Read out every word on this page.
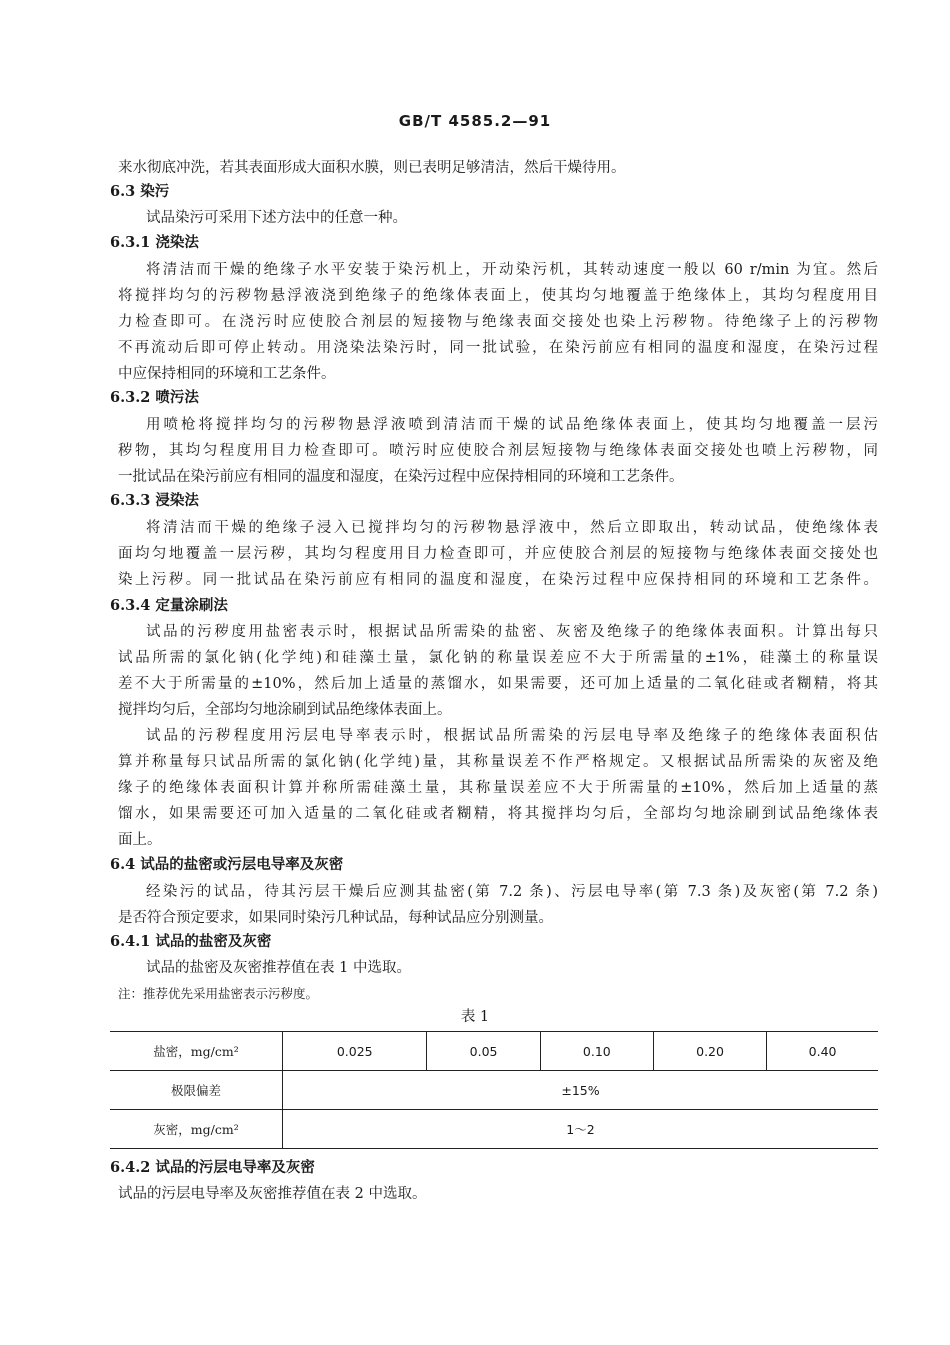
GB/T 4585.2—91
来水彻底冲洗，若其表面形成大面积水膜，则已表明足够清洁，然后干燥待用。
6.3 染污
试品染污可采用下述方法中的任意一种。
6.3.1 浇染法
将清洁而干燥的绝缘子水平安装于染污机上，开动染污机，其转动速度一般以 60 r/min 为宜。然后
将搅拌均匀的污秽物悬浮液浇到绝缘子的绝缘体表面上，使其均匀地覆盖于绝缘体上，其均匀程度用目
力检查即可。在浇污时应使胶合剂层的短接物与绝缘表面交接处也染上污秽物。待绝缘子上的污秽物
不再流动后即可停止转动。用浇染法染污时，同一批试验，在染污前应有相同的温度和湿度，在染污过程
中应保持相同的环境和工艺条件。
6.3.2 喷污法
用喷枪将搅拌均匀的污秽物悬浮液喷到清洁而干燥的试品绝缘体表面上，使其均匀地覆盖一层污
秽物，其均匀程度用目力检查即可。喷污时应使胶合剂层短接物与绝缘体表面交接处也喷上污秽物，同
一批试品在染污前应有相同的温度和湿度，在染污过程中应保持相同的环境和工艺条件。
6.3.3 浸染法
将清洁而干燥的绝缘子浸入已搅拌均匀的污秽物悬浮液中，然后立即取出，转动试品，使绝缘体表
面均匀地覆盖一层污秽，其均匀程度用目力检查即可，并应使胶合剂层的短接物与绝缘体表面交接处也
染上污秽。同一批试品在染污前应有相同的温度和湿度，在染污过程中应保持相同的环境和工艺条件。
6.3.4 定量涂刷法
试品的污秽度用盐密表示时，根据试品所需染的盐密、灰密及绝缘子的绝缘体表面积。计算出每只
试品所需的氯化钠(化学纯)和硅藻土量，氯化钠的称量误差应不大于所需量的±1%，硅藻土的称量误
差不大于所需量的±10%，然后加上适量的蒸馏水，如果需要，还可加上适量的二氧化硅或者糊精，将其
搅拌均匀后，全部均匀地涂刷到试品绝缘体表面上。
试品的污秽程度用污层电导率表示时，根据试品所需染的污层电导率及绝缘子的绝缘体表面积估
算并称量每只试品所需的氯化钠(化学纯)量，其称量误差不作严格规定。又根据试品所需染的灰密及绝
缘子的绝缘体表面积计算并称所需硅藻土量，其称量误差应不大于所需量的±10%，然后加上适量的蒸
馏水，如果需要还可加入适量的二氧化硅或者糊精，将其搅拌均匀后，全部均匀地涂刷到试品绝缘体表
面上。
6.4 试品的盐密或污层电导率及灰密
经染污的试品，待其污层干燥后应测其盐密(第 7.2 条)、污层电导率(第 7.3 条)及灰密(第 7.2 条)
是否符合预定要求，如果同时染污几种试品，每种试品应分别测量。
6.4.1 试品的盐密及灰密
试品的盐密及灰密推荐值在表 1 中选取。
注：推荐优先采用盐密表示污秽度。
表 1
盐密，mg/cm²	0.025	0.05	0.10	0.20	0.40
极限偏差	±15%				
灰密，mg/cm²	1～2				
6.4.2 试品的污层电导率及灰密
试品的污层电导率及灰密推荐值在表 2 中选取。
